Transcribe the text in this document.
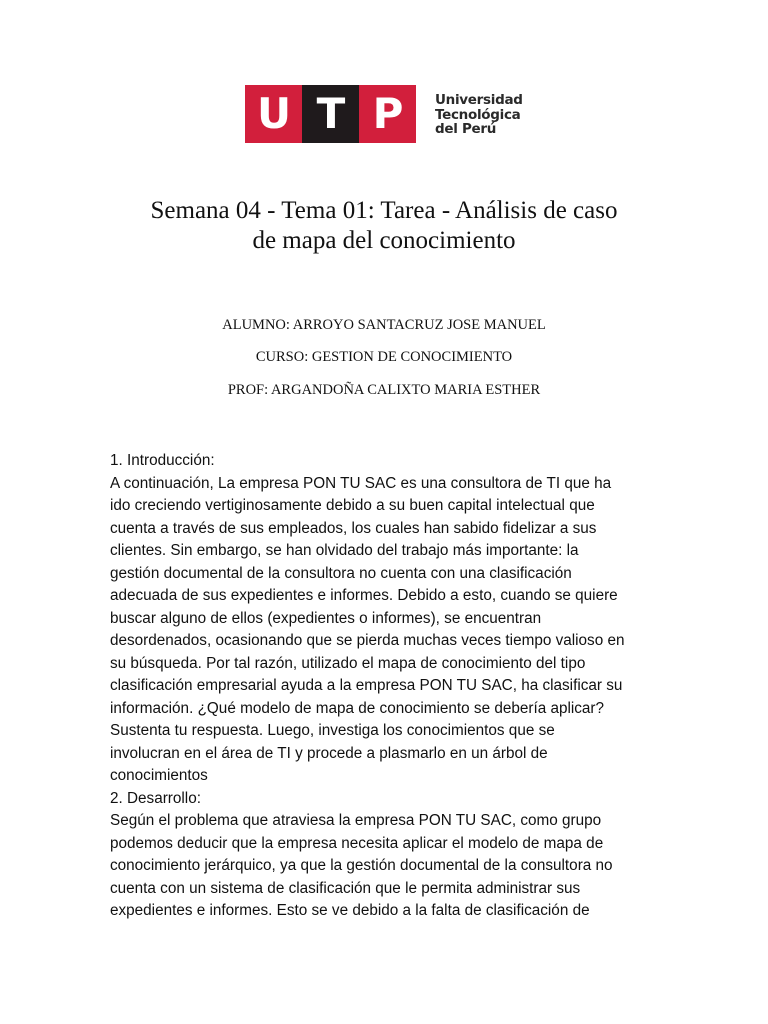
U T P	Universidad
Tecnológica
del Perú
Semana 04 - Tema 01: Tarea - Análisis de caso
de mapa del conocimiento

ALUMNO: ARROYO SANTACRUZ JOSE MANUEL

CURSO: GESTION DE CONOCIMIENTO

PROF: ARGANDOÑA CALIXTO MARIA ESTHER

1. Introducción:
A continuación, La empresa PON TU SAC es una consultora de TI que ha
ido creciendo vertiginosamente debido a su buen capital intelectual que
cuenta a través de sus empleados, los cuales han sabido fidelizar a sus
clientes. Sin embargo, se han olvidado del trabajo más importante: la
gestión documental de la consultora no cuenta con una clasificación
adecuada de sus expedientes e informes. Debido a esto, cuando se quiere
buscar alguno de ellos (expedientes o informes), se encuentran
desordenados, ocasionando que se pierda muchas veces tiempo valioso en
su búsqueda. Por tal razón, utilizado el mapa de conocimiento del tipo
clasificación empresarial ayuda a la empresa PON TU SAC, ha clasificar su
información. ¿Qué modelo de mapa de conocimiento se debería aplicar?
Sustenta tu respuesta. Luego, investiga los conocimientos que se
involucran en el área de TI y procede a plasmarlo en un árbol de
conocimientos
2. Desarrollo:
Según el problema que atraviesa la empresa PON TU SAC, como grupo
podemos deducir que la empresa necesita aplicar el modelo de mapa de
conocimiento jerárquico, ya que la gestión documental de la consultora no
cuenta con un sistema de clasificación que le permita administrar sus
expedientes e informes. Esto se ve debido a la falta de clasificación de
